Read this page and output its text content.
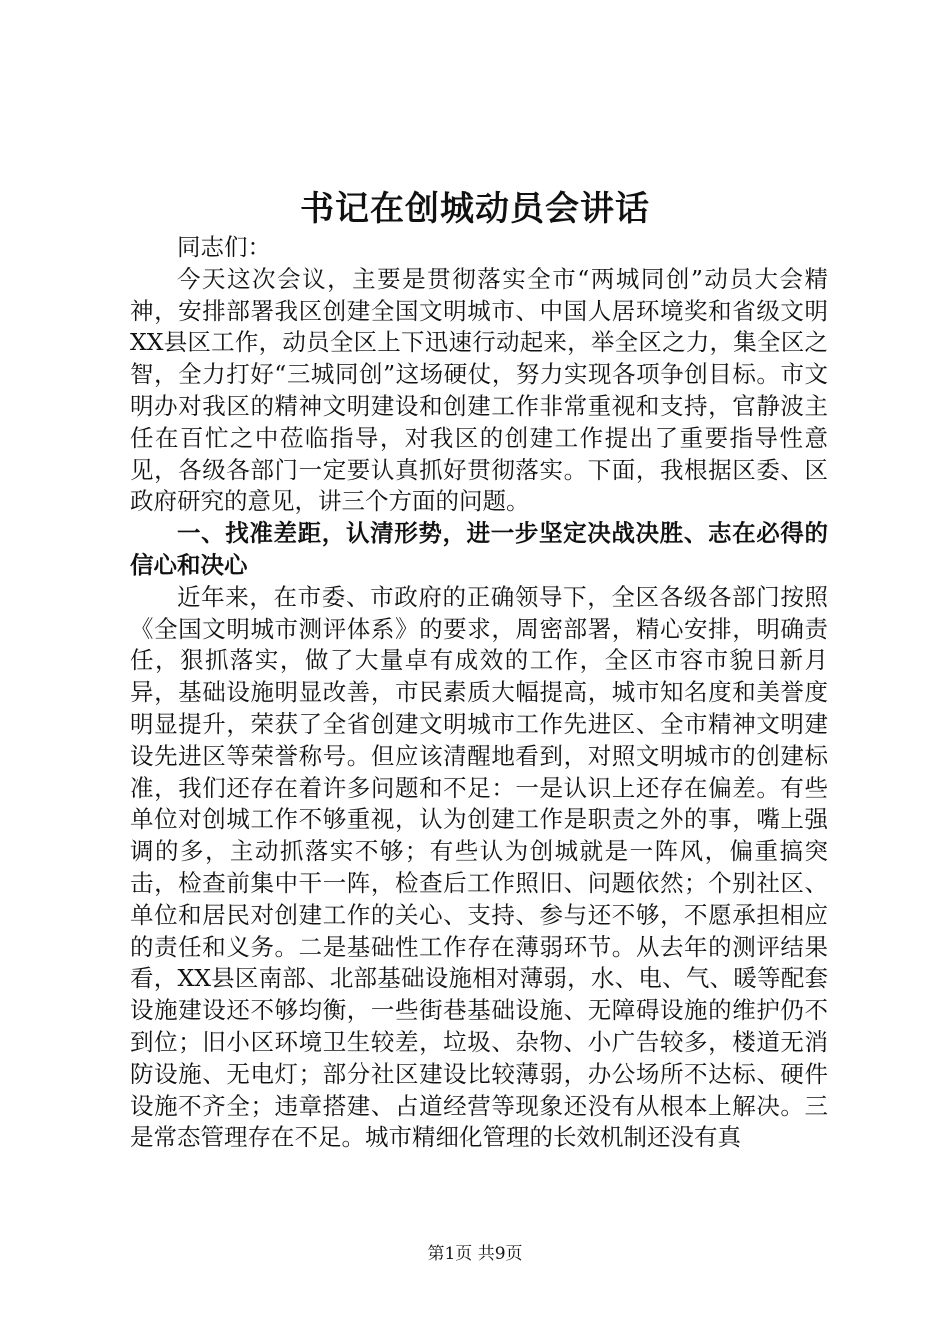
书记在创城动员会讲话

同志们：

今天这次会议，主要是贯彻落实全市“两城同创”动员大会精神，安排部署我区创建全国文明城市、中国人居环境奖和省级文明XX县区工作，动员全区上下迅速行动起来，举全区之力，集全区之智，全力打好“三城同创”这场硬仗，努力实现各项争创目标。市文明办对我区的精神文明建设和创建工作非常重视和支持，官静波主任在百忙之中莅临指导，对我区的创建工作提出了重要指导性意见，各级各部门一定要认真抓好贯彻落实。下面，我根据区委、区政府研究的意见，讲三个方面的问题。

一、找准差距，认清形势，进一步坚定决战决胜、志在必得的信心和决心

近年来，在市委、市政府的正确领导下，全区各级各部门按照《全国文明城市测评体系》的要求，周密部署，精心安排，明确责任，狠抓落实，做了大量卓有成效的工作，全区市容市貌日新月异，基础设施明显改善，市民素质大幅提高，城市知名度和美誉度明显提升，荣获了全省创建文明城市工作先进区、全市精神文明建设先进区等荣誉称号。但应该清醒地看到，对照文明城市的创建标准，我们还存在着许多问题和不足：一是认识上还存在偏差。有些单位对创城工作不够重视，认为创建工作是职责之外的事，嘴上强调的多，主动抓落实不够；有些认为创城就是一阵风，偏重搞突击，检查前集中干一阵，检查后工作照旧、问题依然；个别社区、单位和居民对创建工作的关心、支持、参与还不够，不愿承担相应的责任和义务。二是基础性工作存在薄弱环节。从去年的测评结果看，XX县区南部、北部基础设施相对薄弱，水、电、气、暖等配套设施建设还不够均衡，一些街巷基础设施、无障碍设施的维护仍不到位；旧小区环境卫生较差，垃圾、杂物、小广告较多，楼道无消防设施、无电灯；部分社区建设比较薄弱，办公场所不达标、硬件设施不齐全；违章搭建、占道经营等现象还没有从根本上解决。三是常态管理存在不足。城市精细化管理的长效机制还没有真

第1页 共9页
